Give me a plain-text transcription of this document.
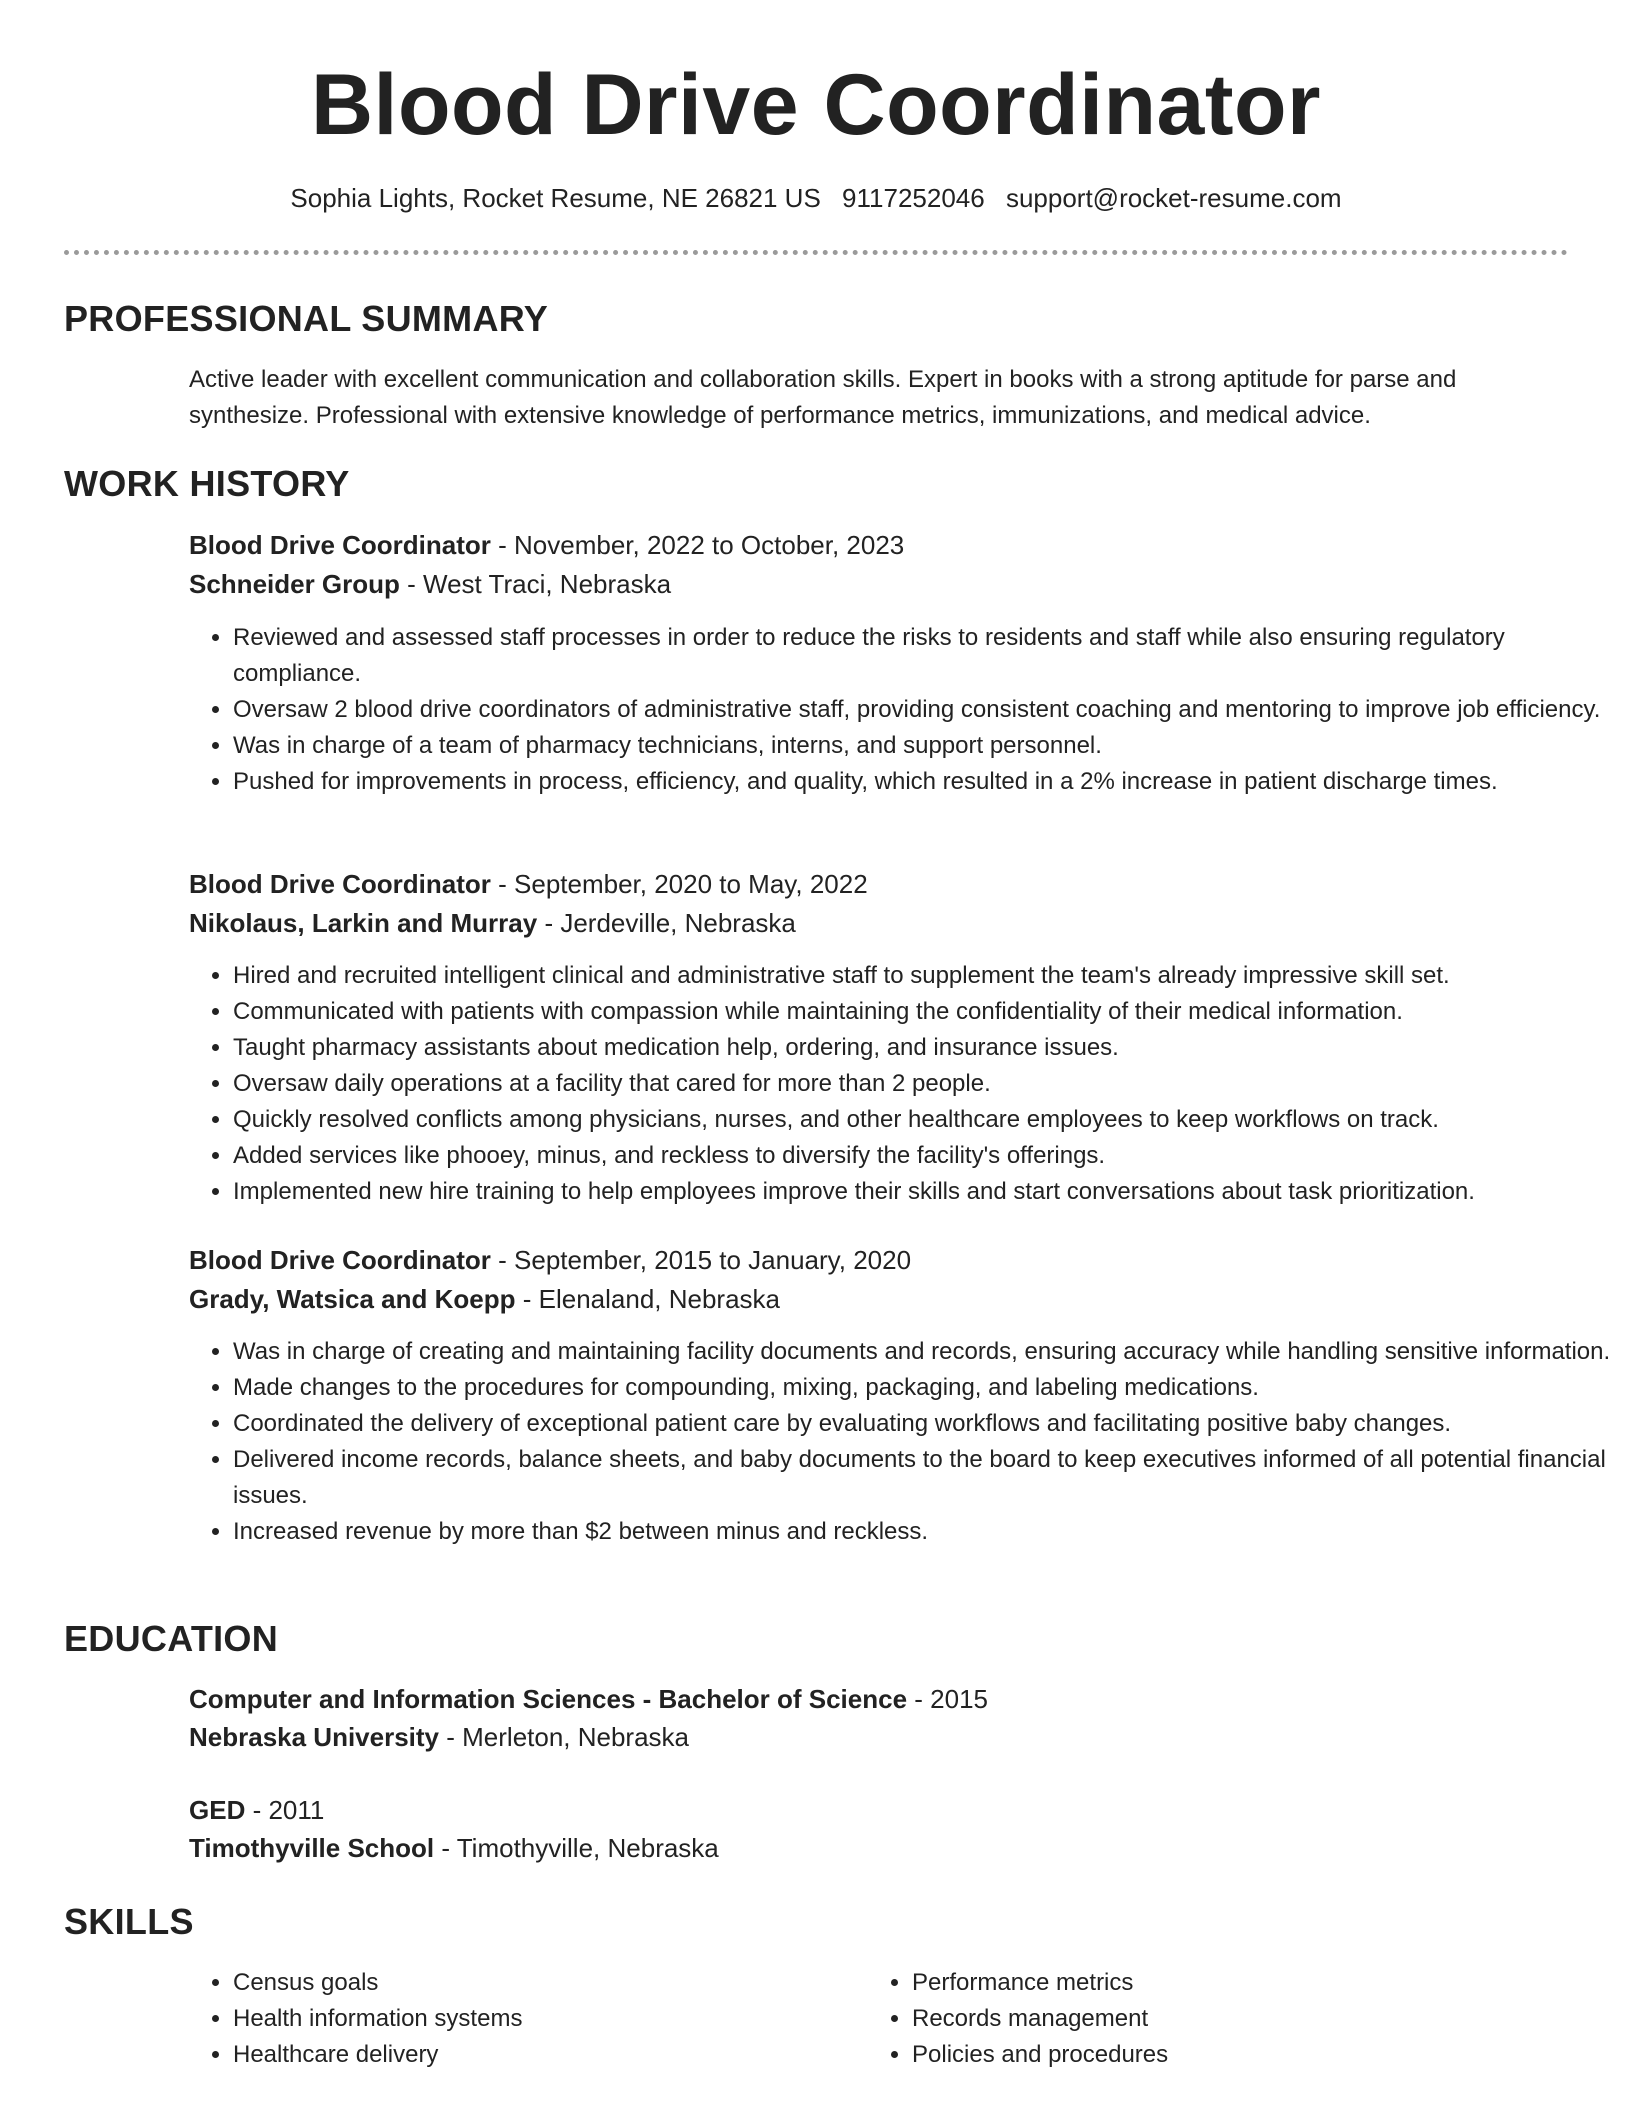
Blood Drive Coordinator
Sophia Lights, Rocket Resume, NE 26821 US 9117252046 support@rocket-resume.com
PROFESSIONAL SUMMARY
Active leader with excellent communication and collaboration skills. Expert in books with a strong aptitude for parse and synthesize. Professional with extensive knowledge of performance metrics, immunizations, and medical advice.
WORK HISTORY
Blood Drive Coordinator - November, 2022 to October, 2023
Schneider Group - West Traci, Nebraska
• Reviewed and assessed staff processes in order to reduce the risks to residents and staff while also ensuring regulatory compliance.
• Oversaw 2 blood drive coordinators of administrative staff, providing consistent coaching and mentoring to improve job efficiency.
• Was in charge of a team of pharmacy technicians, interns, and support personnel.
• Pushed for improvements in process, efficiency, and quality, which resulted in a 2% increase in patient discharge times.
Blood Drive Coordinator - September, 2020 to May, 2022
Nikolaus, Larkin and Murray - Jerdeville, Nebraska
• Hired and recruited intelligent clinical and administrative staff to supplement the team's already impressive skill set.
• Communicated with patients with compassion while maintaining the confidentiality of their medical information.
• Taught pharmacy assistants about medication help, ordering, and insurance issues.
• Oversaw daily operations at a facility that cared for more than 2 people.
• Quickly resolved conflicts among physicians, nurses, and other healthcare employees to keep workflows on track.
• Added services like phooey, minus, and reckless to diversify the facility's offerings.
• Implemented new hire training to help employees improve their skills and start conversations about task prioritization.
Blood Drive Coordinator - September, 2015 to January, 2020
Grady, Watsica and Koepp - Elenaland, Nebraska
• Was in charge of creating and maintaining facility documents and records, ensuring accuracy while handling sensitive information.
• Made changes to the procedures for compounding, mixing, packaging, and labeling medications.
• Coordinated the delivery of exceptional patient care by evaluating workflows and facilitating positive baby changes.
• Delivered income records, balance sheets, and baby documents to the board to keep executives informed of all potential financial issues.
• Increased revenue by more than $2 between minus and reckless.
EDUCATION
Computer and Information Sciences - Bachelor of Science - 2015
Nebraska University - Merleton, Nebraska
GED - 2011
Timothyville School - Timothyville, Nebraska
SKILLS
• Census goals
• Health information systems
• Healthcare delivery
• Performance metrics
• Records management
• Policies and procedures
